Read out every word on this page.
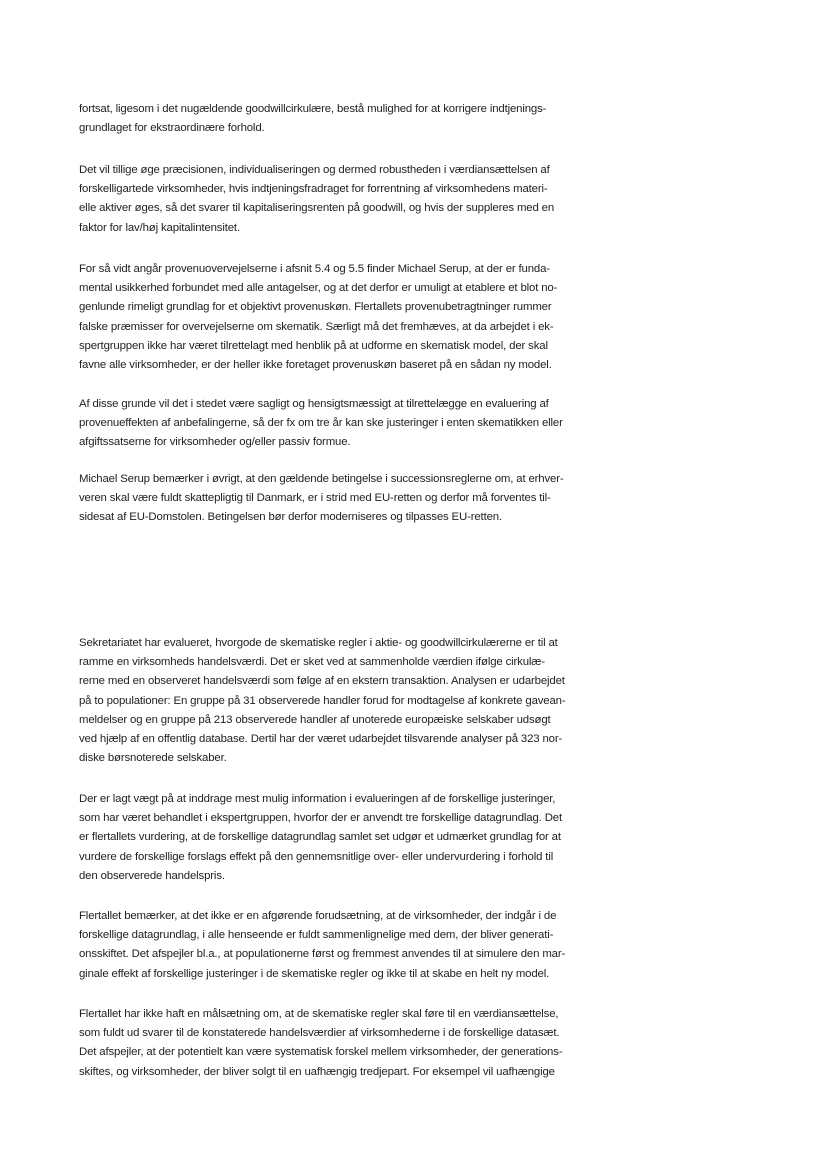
fortsat, ligesom i det nugældende goodwillcirkulære, bestå mulighed for at korrigere indtjenings-
grundlaget for ekstraordinære forhold.
Det vil tillige øge præcisionen, individualiseringen og dermed robustheden i værdiansættelsen af
forskelligartede virksomheder, hvis indtjeningsfradraget for forrentning af virksomhedens materi-
elle aktiver øges, så det svarer til kapitaliseringsrenten på goodwill, og hvis der suppleres med en
faktor for lav/høj kapitalintensitet.
For så vidt angår provenuovervejelserne i afsnit 5.4 og 5.5 finder Michael Serup, at der er funda-
mental usikkerhed forbundet med alle antagelser, og at det derfor er umuligt at etablere et blot no-
genlunde rimeligt grundlag for et objektivt provenuskøn. Flertallets provenubetragtninger rummer
falske præmisser for overvejelserne om skematik. Særligt må det fremhæves, at da arbejdet i ek-
spertgruppen ikke har været tilrettelagt med henblik på at udforme en skematisk model, der skal
favne alle virksomheder, er der heller ikke foretaget provenuskøn baseret på en sådan ny model.
Af disse grunde vil det i stedet være sagligt og hensigtsmæssigt at tilrettelægge en evaluering af
provenueffekten af anbefalingerne, så der fx om tre år kan ske justeringer i enten skematikken eller
afgiftssatserne for virksomheder og/eller passiv formue.
Michael Serup bemærker i øvrigt, at den gældende betingelse i successionsreglerne om, at erhver-
veren skal være fuldt skattepligtig til Danmark, er i strid med EU-retten og derfor må forventes til-
sidesat af EU-Domstolen. Betingelsen bør derfor moderniseres og tilpasses EU-retten.
Sekretariatet har evalueret, hvorgode de skematiske regler i aktie- og goodwillcirkulærerne er til at
ramme en virksomheds handelsværdi. Det er sket ved at sammenholde værdien ifølge cirkulæ-
rerne med en observeret handelsværdi som følge af en ekstern transaktion. Analysen er udarbejdet
på to populationer: En gruppe på 31 observerede handler forud for modtagelse af konkrete gavean-
meldelser og en gruppe på 213 observerede handler af unoterede europæiske selskaber udsøgt
ved hjælp af en offentlig database. Dertil har der været udarbejdet tilsvarende analyser på 323 nor-
diske børsnoterede selskaber.
Der er lagt vægt på at inddrage mest mulig information i evalueringen af de forskellige justeringer,
som har været behandlet i ekspertgruppen, hvorfor der er anvendt tre forskellige datagrundlag. Det
er flertallets vurdering, at de forskellige datagrundlag samlet set udgør et udmærket grundlag for at
vurdere de forskellige forslags effekt på den gennemsnitlige over- eller undervurdering i forhold til
den observerede handelspris.
Flertallet bemærker, at det ikke er en afgørende forudsætning, at de virksomheder, der indgår i de
forskellige datagrundlag, i alle henseende er fuldt sammenlignelige med dem, der bliver generati-
onsskiftet. Det afspejler bl.a., at populationerne først og fremmest anvendes til at simulere den mar-
ginale effekt af forskellige justeringer i de skematiske regler og ikke til at skabe en helt ny model.
Flertallet har ikke haft en målsætning om, at de skematiske regler skal føre til en værdiansættelse,
som fuldt ud svarer til de konstaterede handelsværdier af virksomhederne i de forskellige datasæt.
Det afspejler, at der potentielt kan være systematisk forskel mellem virksomheder, der generations-
skiftes, og virksomheder, der bliver solgt til en uafhængig tredjepart. For eksempel vil uafhængige
